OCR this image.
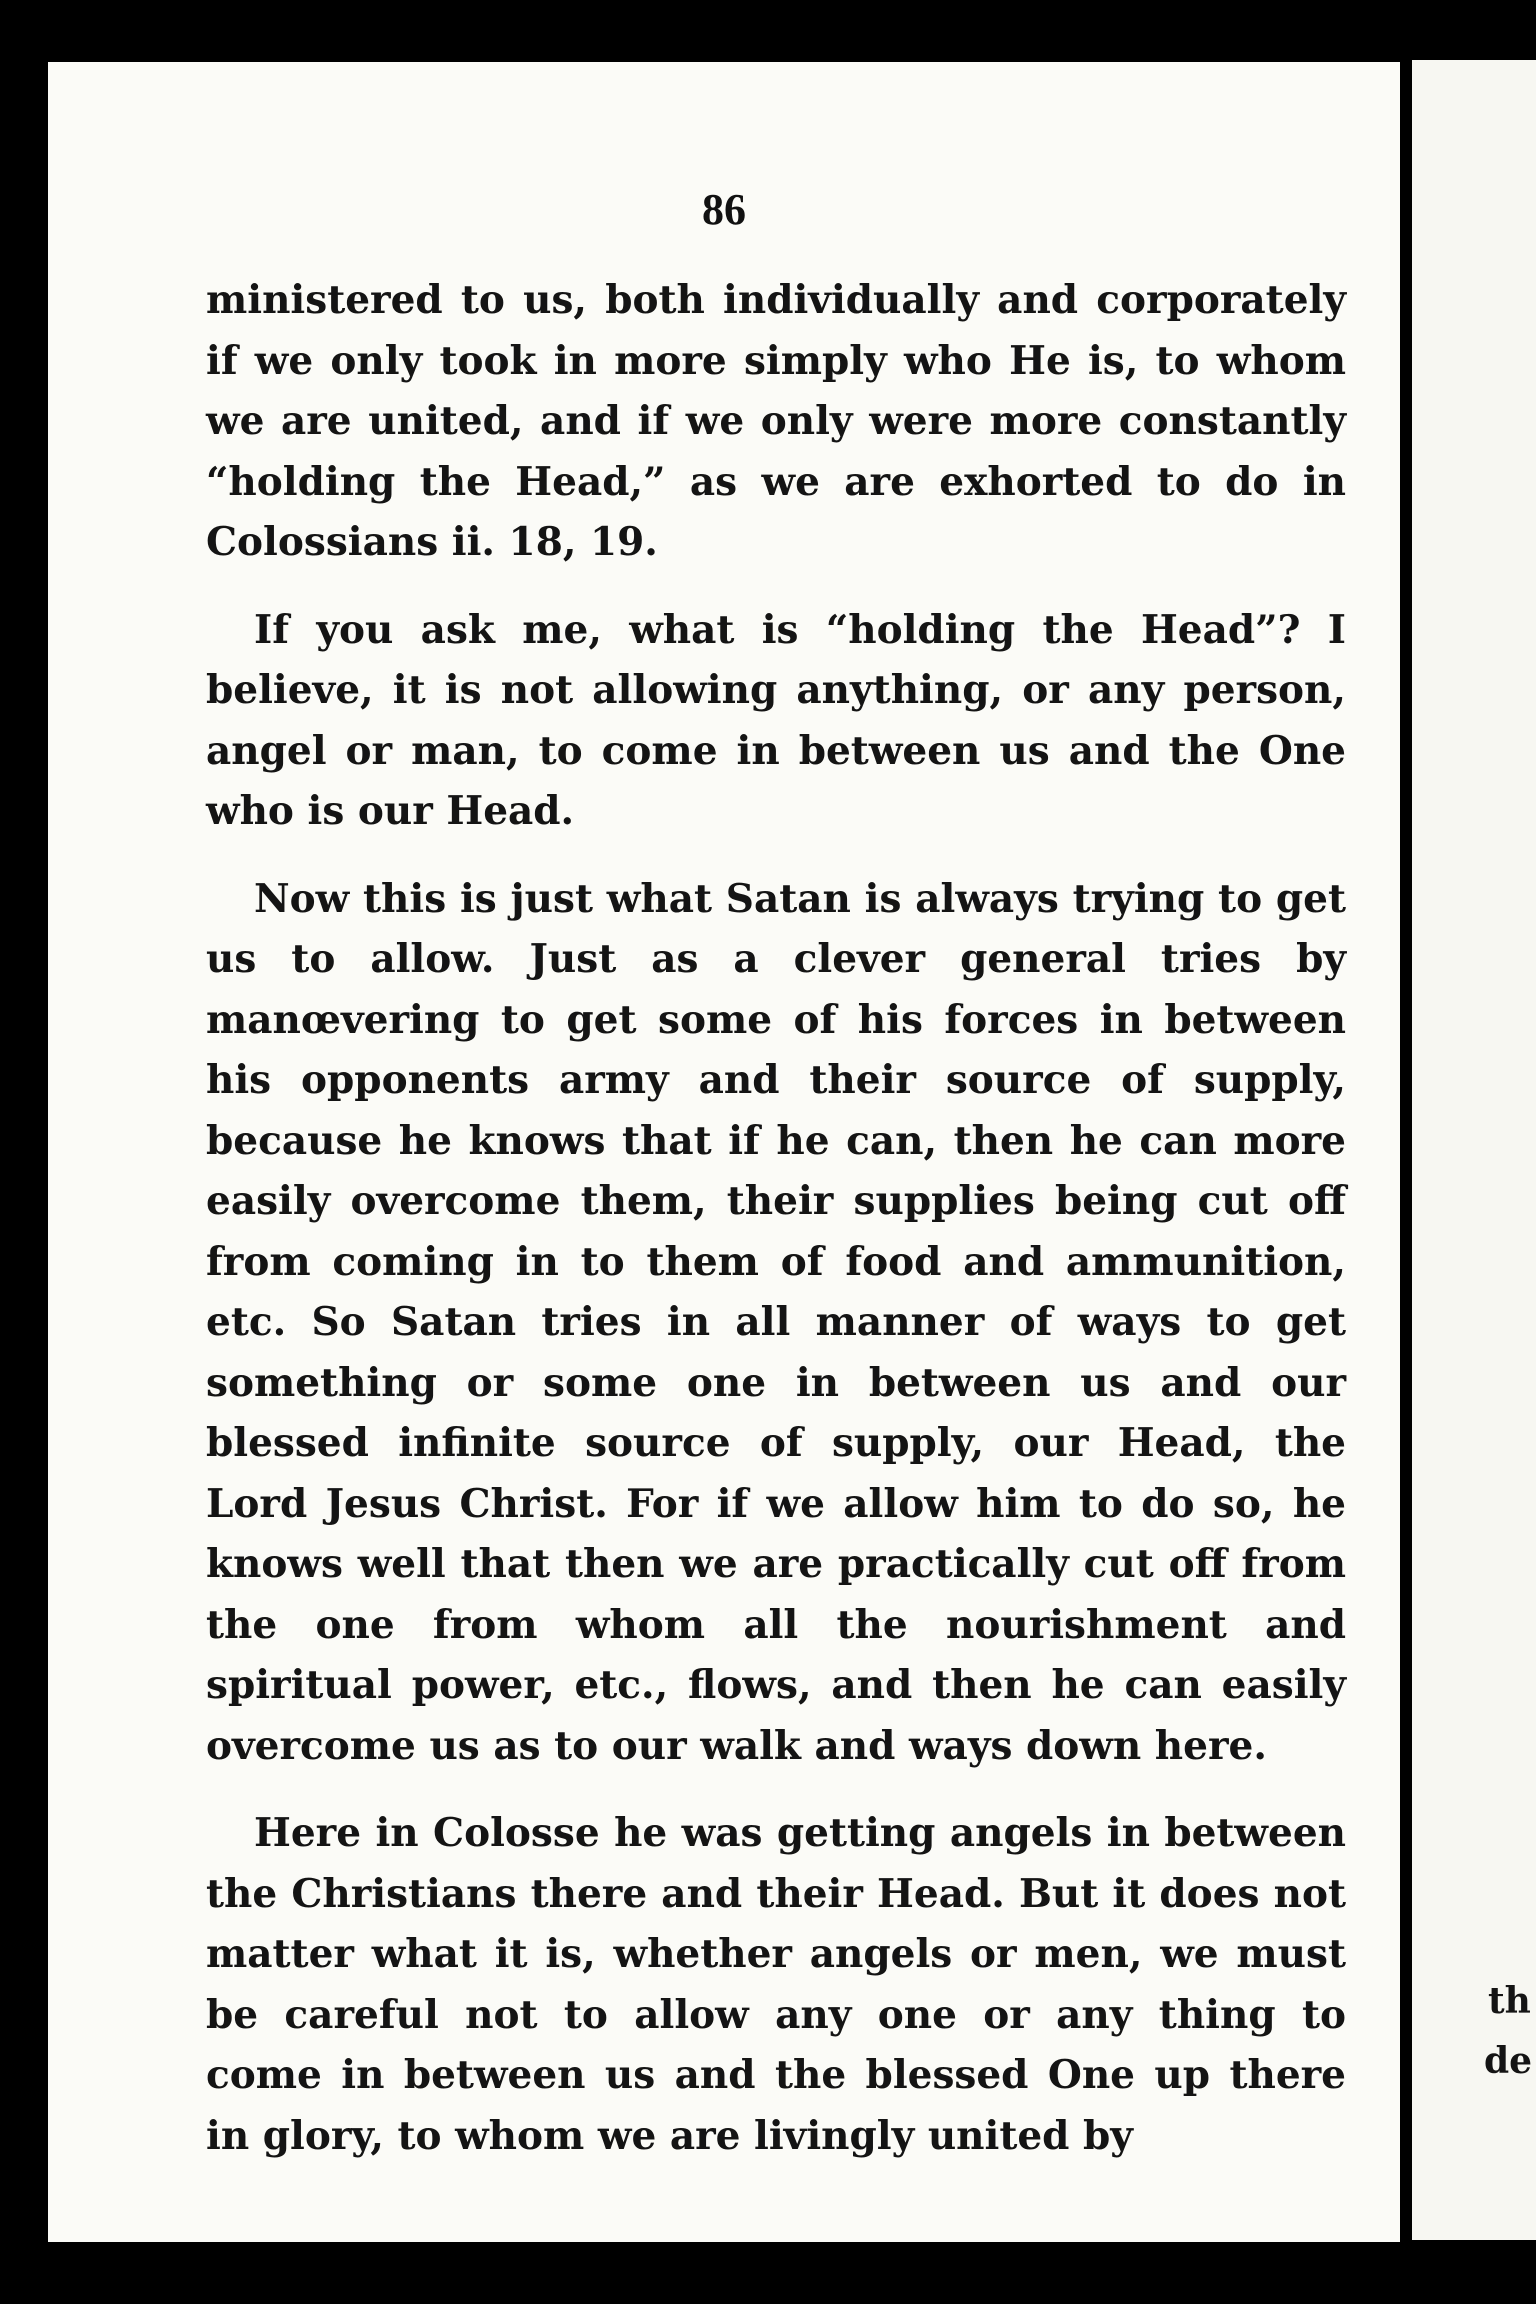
86

ministered to us, both individually and corporately if we only took in more simply who He is, to whom we are united, and if we only were more constantly “holding the Head,” as we are exhorted to do in Colossians ii. 18, 19.

If you ask me, what is “holding the Head”? I believe, it is not allowing anything, or any person, angel or man, to come in between us and the One who is our Head.

Now this is just what Satan is always trying to get us to allow. Just as a clever general tries by manœvering to get some of his forces in between his opponents army and their source of supply, because he knows that if he can, then he can more easily overcome them, their supplies being cut off from coming in to them of food and ammunition, etc. So Satan tries in all manner of ways to get something or some one in between us and our blessed infinite source of supply, our Head, the Lord Jesus Christ. For if we allow him to do so, he knows well that then we are practically cut off from the one from whom all the nourishment and spiritual power, etc., flows, and then he can easily overcome us as to our walk and ways down here.

Here in Colosse he was getting angels in between the Christians there and their Head. But it does not matter what it is, whether angels or men, we must be careful not to allow any one or any thing to come in between us and the blessed One up there in glory, to whom we are livingly united by

th
de
